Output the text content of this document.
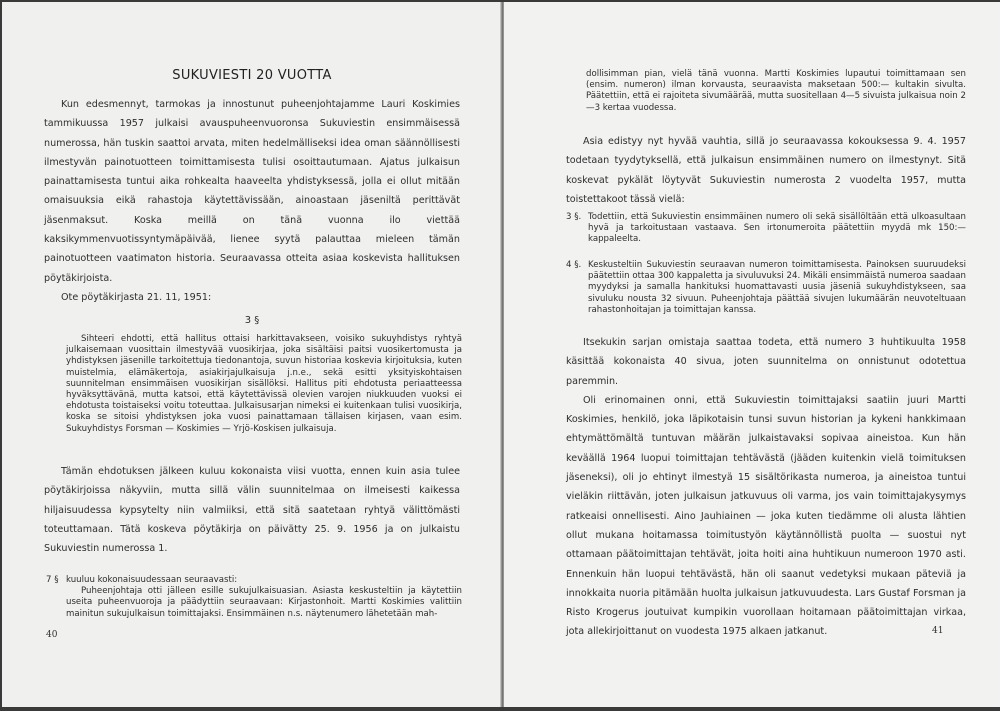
SUKUVIESTI 20 VUOTTA

Kun edesmennyt, tarmokas ja innostunut puheenjohtajamme Lauri Koskimies tammikuussa 1957 julkaisi avauspuheenvuoronsa Sukuviestin ensimmäisessä numerossa, hän tuskin saattoi arvata, miten hedelmälliseksi idea oman säännöllisesti ilmestyvän painotuotteen toimittamisesta tulisi osoittautumaan. Ajatus julkaisun painattamisesta tuntui aika rohkealta haaveelta yhdistyksessä, jolla ei ollut mitään omaisuuksia eikä rahastoja käytettävissään, ainoastaan jäseniltä perittävät jäsenmaksut. Koska meillä on tänä vuonna ilo viettää kaksikymmenvuotissyntymäpäivää, lienee syytä palauttaa mieleen tämän painotuotteen vaatimaton historia. Seuraavassa otteita asiaa koskevista hallituksen pöytäkirjoista.

Ote pöytäkirjasta 21. 11, 1951:

3 §

Sihteeri ehdotti, että hallitus ottaisi harkittavakseen, voisiko sukuyhdistys ryhtyä julkaisemaan vuosittain ilmestyvää vuosikirjaa, joka sisältäisi paitsi vuosikertomusta ja yhdistyksen jäsenille tarkoitettuja tiedonantoja, suvun historiaa koskevia kirjoituksia, kuten muistelmia, elämäkertoja, asiakirjajulkaisuja j.n.e., sekä esitti yksityiskohtaisen suunnitelman ensimmäisen vuosikirjan sisällöksi. Hallitus piti ehdotusta periaatteessa hyväksyttävänä, mutta katsoi, että käytettävissä olevien varojen niukkuuden vuoksi ei ehdotusta toistaiseksi voitu toteuttaa. Julkaisusarjan nimeksi ei kuitenkaan tulisi vuosikirja, koska se sitoisi yhdistyksen joka vuosi painattamaan tällaisen kirjasen, vaan esim. Sukuyhdistys Forsman — Koskimies — Yrjö-Koskisen julkaisuja.

Tämän ehdotuksen jälkeen kuluu kokonaista viisi vuotta, ennen kuin asia tulee pöytäkirjoissa näkyviin, mutta sillä välin suunnitelmaa on ilmeisesti kaikessa hiljaisuudessa kypsytelty niin valmiiksi, että sitä saatetaan ryhtyä välittömästi toteuttamaan. Tätä koskeva pöytäkirja on päivätty 25. 9. 1956 ja on julkaistu Sukuviestin numerossa 1.

7 § kuuluu kokonaisuudessaan seuraavasti:

Puheenjohtaja otti jälleen esille sukujulkaisuasian. Asiasta keskusteltiin ja käytettiin useita puheenvuoroja ja päädyttiin seuraavaan: Kirjastonhoit. Martti Koskimies valittiin mainitun sukujulkaisun toimittajaksi. Ensimmäinen n.s. näytenumero lähetetään mah-

40

dollisimman pian, vielä tänä vuonna. Martti Koskimies lupautui toimittamaan sen (ensim. numeron) ilman korvausta, seuraavista maksetaan 500:— kultakin sivulta. Päätettiin, että ei rajoiteta sivumäärää, mutta suositellaan 4—5 sivuista julkaisua noin 2—3 kertaa vuodessa.

Asia edistyy nyt hyvää vauhtia, sillä jo seuraavassa kokouksessa 9. 4. 1957 todetaan tyydytyksellä, että julkaisun ensimmäinen numero on ilmestynyt. Sitä koskevat pykälät löytyvät Sukuviestin numerosta 2 vuodelta 1957, mutta toistettakoot tässä vielä:

3 §. Todettiin, että Sukuviestin ensimmäinen numero oli sekä sisällöltään että ulkoasultaan hyvä ja tarkoitustaan vastaava. Sen irtonumeroita päätettiin myydä mk 150:— kappaleelta.

4 §. Keskusteltiin Sukuviestin seuraavan numeron toimittamisesta. Painoksen suuruudeksi päätettiin ottaa 300 kappaletta ja sivuluvuksi 24. Mikäli ensimmäistä numeroa saadaan myydyksi ja samalla hankituksi huomattavasti uusia jäseniä sukuyhdistykseen, saa sivuluku nousta 32 sivuun. Puheenjohtaja päättää sivujen lukumäärän neuvoteltuaan rahastonhoitajan ja toimittajan kanssa.

Itsekukin sarjan omistaja saattaa todeta, että numero 3 huhtikuulta 1958 käsittää kokonaista 40 sivua, joten suunnitelma on onnistunut odotettua paremmin.

Oli erinomainen onni, että Sukuviestin toimittajaksi saatiin juuri Martti Koskimies, henkilö, joka läpikotaisin tunsi suvun historian ja kykeni hankkimaan ehtymättömältä tuntuvan määrän julkaistavaksi sopivaa aineistoa. Kun hän keväällä 1964 luopui toimittajan tehtävästä (jääden kuitenkin vielä toimituksen jäseneksi), oli jo ehtinyt ilmestyä 15 sisältörikasta numeroa, ja aineistoa tuntui vieläkin riittävän, joten julkaisun jatkuvuus oli varma, jos vain toimittajakysymys ratkeaisi onnellisesti. Aino Jauhiainen — joka kuten tiedämme oli alusta lähtien ollut mukana hoitamassa toimitustyön käytännöllistä puolta — suostui nyt ottamaan päätoimittajan tehtävät, joita hoiti aina huhtikuun numeroon 1970 asti. Ennenkuin hän luopui tehtävästä, hän oli saanut vedetyksi mukaan päteviä ja innokkaita nuoria pitämään huolta julkaisun jatkuvuudesta. Lars Gustaf Forsman ja Risto Krogerus joutuivat kumpikin vuorollaan hoitamaan päätoimittajan virkaa, jota allekirjoittanut on vuodesta 1975 alkaen jatkanut.	41
